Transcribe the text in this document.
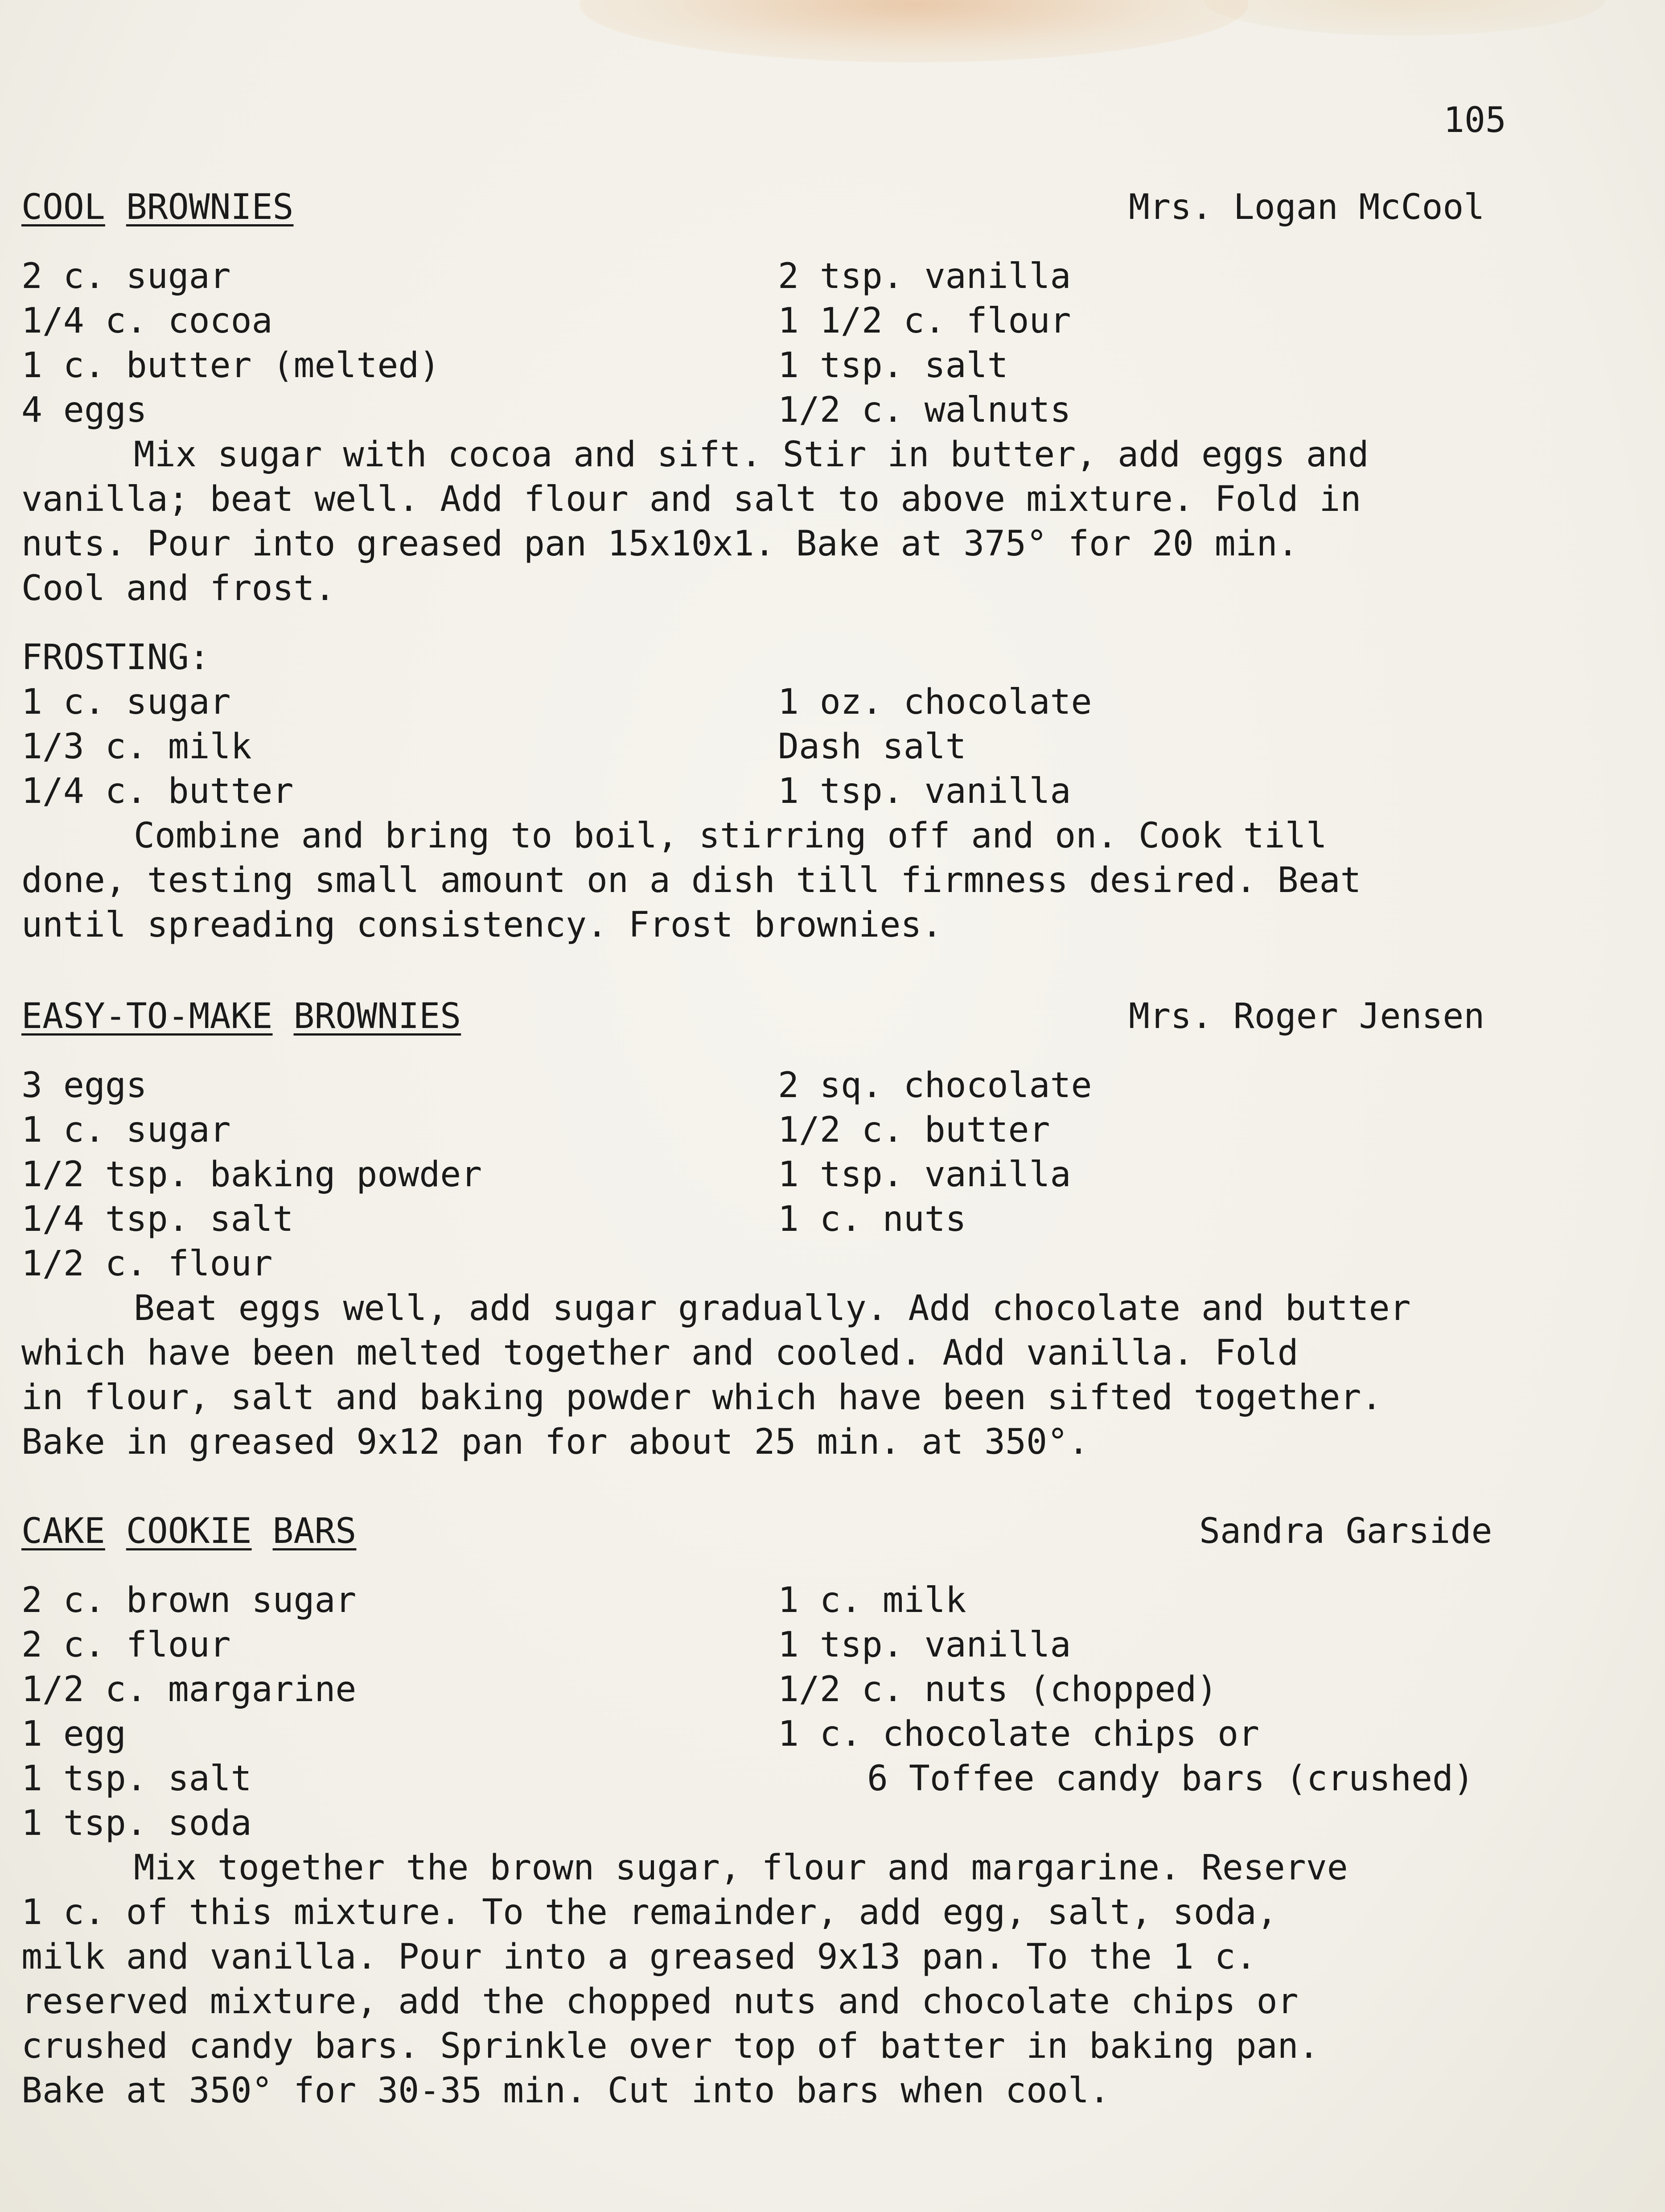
105
COOL BROWNIES	Mrs. Logan McCool
2 c. sugar
1/4 c. cocoa
1 c. butter (melted)
4 eggs
2 tsp. vanilla
1 1/2 c. flour
1 tsp. salt
1/2 c. walnuts
Mix sugar with cocoa and sift. Stir in butter, add eggs and
vanilla; beat well. Add flour and salt to above mixture. Fold in
nuts. Pour into greased pan 15x10x1. Bake at 375° for 20 min.
Cool and frost.
FROSTING:
1 c. sugar
1/3 c. milk
1/4 c. butter
1 oz. chocolate
Dash salt
1 tsp. vanilla
Combine and bring to boil, stirring off and on. Cook till
done, testing small amount on a dish till firmness desired. Beat
until spreading consistency. Frost brownies.
EASY-TO-MAKE BROWNIES	Mrs. Roger Jensen
3 eggs
1 c. sugar
1/2 tsp. baking powder
1/4 tsp. salt
1/2 c. flour
2 sq. chocolate
1/2 c. butter
1 tsp. vanilla
1 c. nuts
Beat eggs well, add sugar gradually. Add chocolate and butter
which have been melted together and cooled. Add vanilla. Fold
in flour, salt and baking powder which have been sifted together.
Bake in greased 9x12 pan for about 25 min. at 350°.
CAKE COOKIE BARS	Sandra Garside
2 c. brown sugar
2 c. flour
1/2 c. margarine
1 egg
1 tsp. salt
1 tsp. soda
1 c. milk
1 tsp. vanilla
1/2 c. nuts (chopped)
1 c. chocolate chips or
6 Toffee candy bars (crushed)
Mix together the brown sugar, flour and margarine. Reserve
1 c. of this mixture. To the remainder, add egg, salt, soda,
milk and vanilla. Pour into a greased 9x13 pan. To the 1 c.
reserved mixture, add the chopped nuts and chocolate chips or
crushed candy bars. Sprinkle over top of batter in baking pan.
Bake at 350° for 30-35 min. Cut into bars when cool.
